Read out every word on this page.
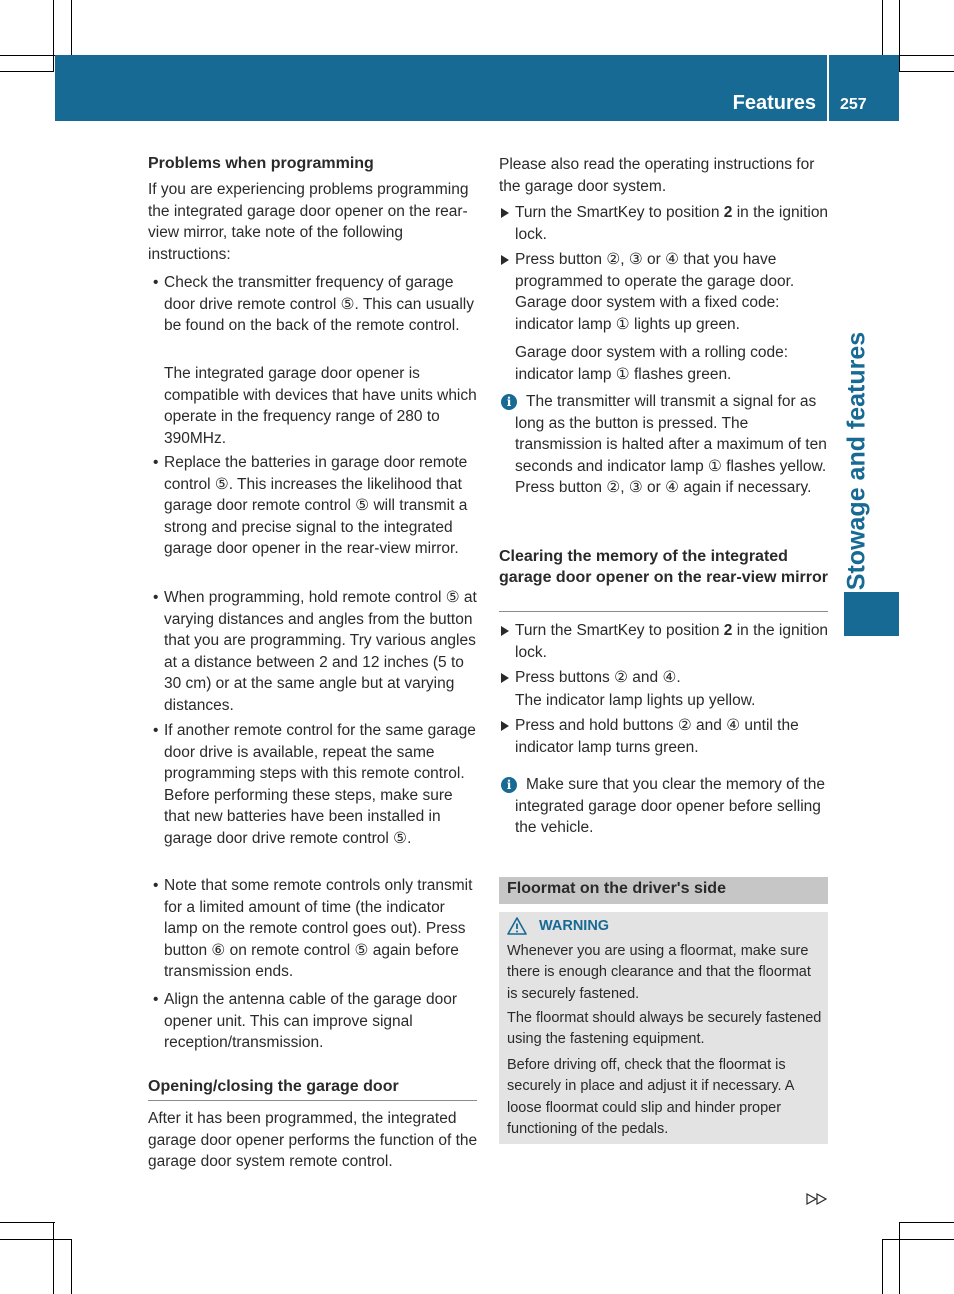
Features 257
Stowage and features
Problems when programming
If you are experiencing problems programming the integrated garage door opener on the rear-view mirror, take note of the following instructions:
• Check the transmitter frequency of garage door drive remote control ⑤. This can usually be found on the back of the remote control.
The integrated garage door opener is compatible with devices that have units which operate in the frequency range of 280 to 390MHz.
• Replace the batteries in garage door remote control ⑤. This increases the likelihood that garage door remote control ⑤ will transmit a strong and precise signal to the integrated garage door opener in the rear-view mirror.
• When programming, hold remote control ⑤ at varying distances and angles from the button that you are programming. Try various angles at a distance between 2 and 12 inches (5 to 30 cm) or at the same angle but at varying distances.
• If another remote control for the same garage door drive is available, repeat the same programming steps with this remote control. Before performing these steps, make sure that new batteries have been installed in garage door drive remote control ⑤.
• Note that some remote controls only transmit for a limited amount of time (the indicator lamp on the remote control goes out). Press button ⑥ on remote control ⑤ again before transmission ends.
• Align the antenna cable of the garage door opener unit. This can improve signal reception/transmission.
Opening/closing the garage door
After it has been programmed, the integrated garage door opener performs the function of the garage door system remote control.
Please also read the operating instructions for the garage door system.
Turn the SmartKey to position 2 in the ignition lock.
Press button ②, ③ or ④ that you have programmed to operate the garage door. Garage door system with a fixed code: indicator lamp ① lights up green.
Garage door system with a rolling code: indicator lamp ① flashes green.
i The transmitter will transmit a signal for as long as the button is pressed. The transmission is halted after a maximum of ten seconds and indicator lamp ① flashes yellow. Press button ②, ③ or ④ again if necessary.
Clearing the memory of the integrated garage door opener on the rear-view mirror
Turn the SmartKey to position 2 in the ignition lock.
Press buttons ② and ④.
The indicator lamp lights up yellow.
Press and hold buttons ② and ④ until the indicator lamp turns green.
i Make sure that you clear the memory of the integrated garage door opener before selling the vehicle.
Floormat on the driver's side
WARNING
Whenever you are using a floormat, make sure there is enough clearance and that the floormat is securely fastened.
The floormat should always be securely fastened using the fastening equipment.
Before driving off, check that the floormat is securely in place and adjust it if necessary. A loose floormat could slip and hinder proper functioning of the pedals.
